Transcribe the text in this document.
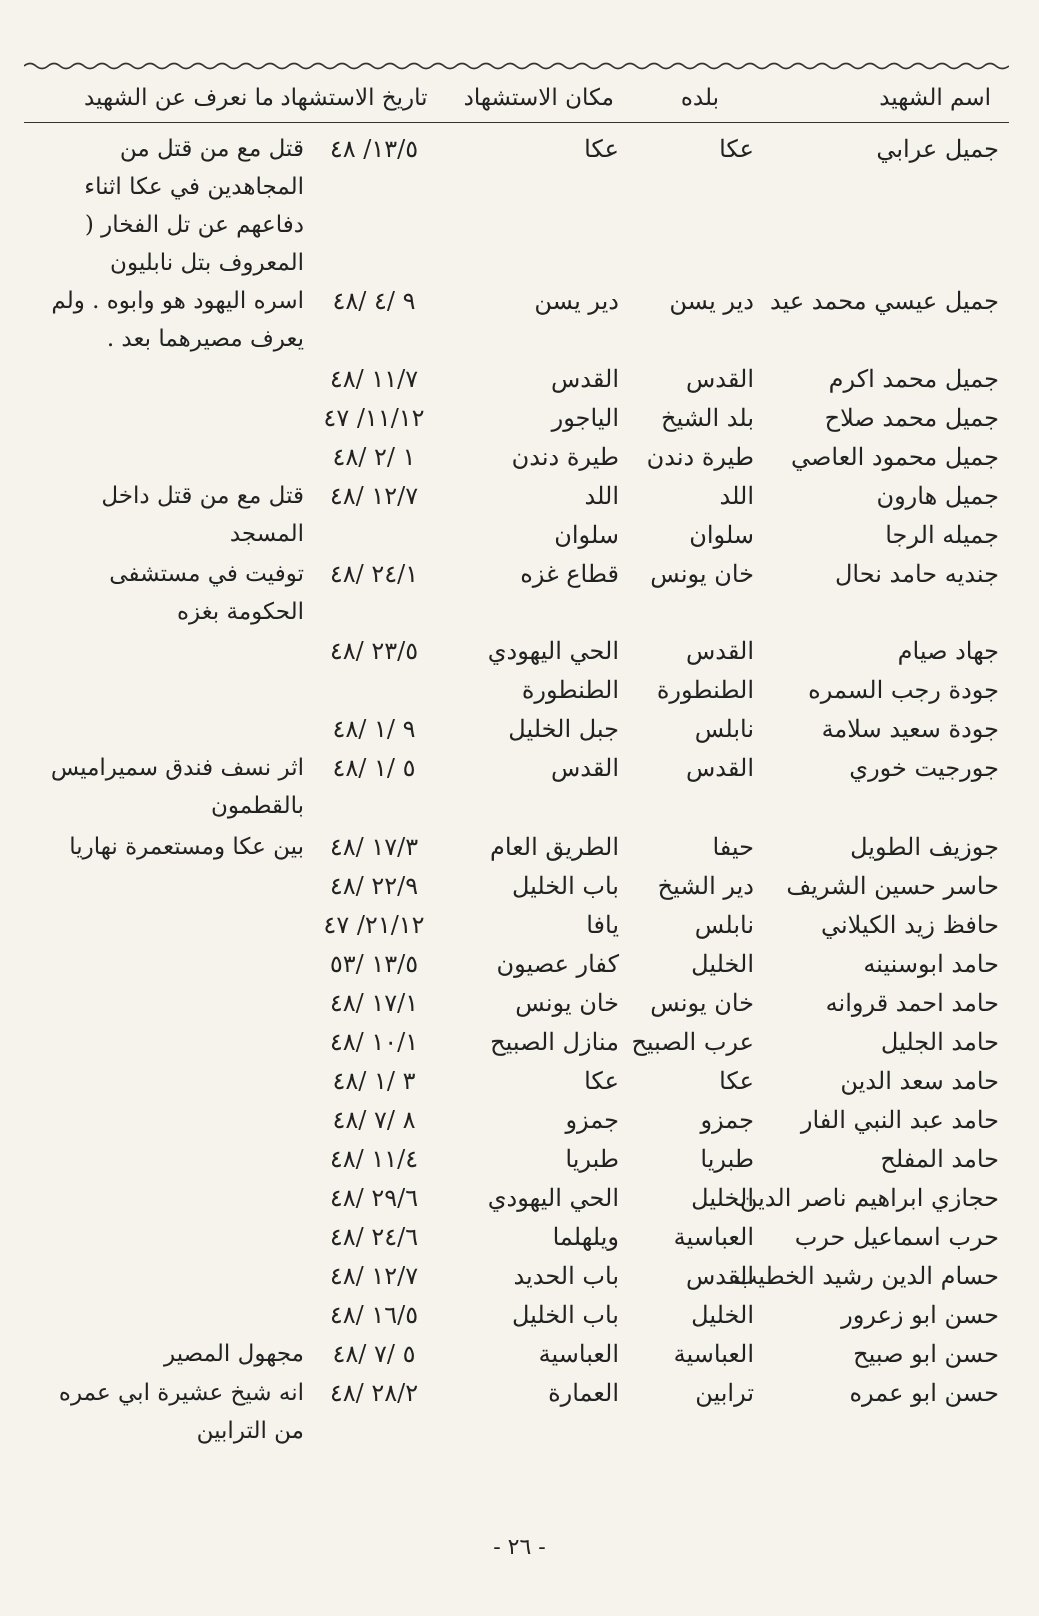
اسم الشهيد
بلده
مكان الاستشهاد
تاريخ الاستشهاد
ما نعرف عن الشهيد
جميل عرابي
عكا
عكا
١٣/٥/ ٤٨
قتل مع من قتل من المجاهدين في عكا اثناء دفاعهم عن تل الفخار ( المعروف بتل نابليون
جميل عيسي محمد عيد
دير يسن
دير يسن
٩ /٤ /٤٨
اسره اليهود هو وابوه . ولم يعرف مصيرهما بعد .
جميل محمد اكرم
القدس
القدس
١١/٧ /٤٨
جميل محمد صلاح
بلد الشيخ
الياجور
١١/١٢/ ٤٧
جميل محمود العاصي
طيرة دندن
طيرة دندن
١ /٢ /٤٨
جميل هارون
اللد
اللد
١٢/٧ /٤٨
قتل مع من قتل داخل المسجد	جميله الرجا
سلوان
سلوان
جنديه حامد نحال
خان يونس
قطاع غزه
٢٤/١ /٤٨
توفيت في مستشفى الحكومة بغزه
جهاد صيام
القدس
الحي اليهودي
٢٣/٥ /٤٨
جودة رجب السمره
الطنطورة
الطنطورة
جودة سعيد سلامة
نابلس
جبل الخليل
٩ /١ /٤٨
جورجيت خوري
القدس
القدس
٥ /١ /٤٨
اثر نسف فندق سميراميس بالقطمون
جوزيف الطويل
حيفا
الطريق العام
١٧/٣ /٤٨
بين عكا ومستعمرة نهاريا
حاسر حسين الشريف
دير الشيخ
باب الخليل
٢٢/٩ /٤٨
حافظ زيد الكيلاني
نابلس
يافا
٢١/١٢/ ٤٧
حامد ابوسنينه
الخليل
كفار عصيون
١٣/٥ /٥٣
حامد احمد قروانه
خان يونس
خان يونس
١٧/١ /٤٨
حامد الجليل
عرب الصبيح
منازل الصبيح
١٠/١ /٤٨
حامد سعد الدين
عكا
عكا
٣ /١ /٤٨
حامد عبد النبي الفار
جمزو
جمزو
٨ /٧ /٤٨
حامد المفلح
طبريا
طبريا
١١/٤ /٤٨
حجازي ابراهيم ناصر الدين
الخليل
الحي اليهودي
٢٩/٦ /٤٨
حرب اسماعيل حرب
العباسية
ويلهلما
٢٤/٦ /٤٨
حسام الدين رشيد الخطيب
القدس
باب الحديد
١٢/٧ /٤٨
حسن ابو زعرور
الخليل
باب الخليل
١٦/٥ /٤٨
حسن ابو صبيح
العباسية
العباسية
٥ /٧ /٤٨
مجهول المصير
حسن ابو عمره
ترابين
العمارة
٢٨/٢ /٤٨
انه شيخ عشيرة ابي عمره من الترابين
- ٢٦ -
